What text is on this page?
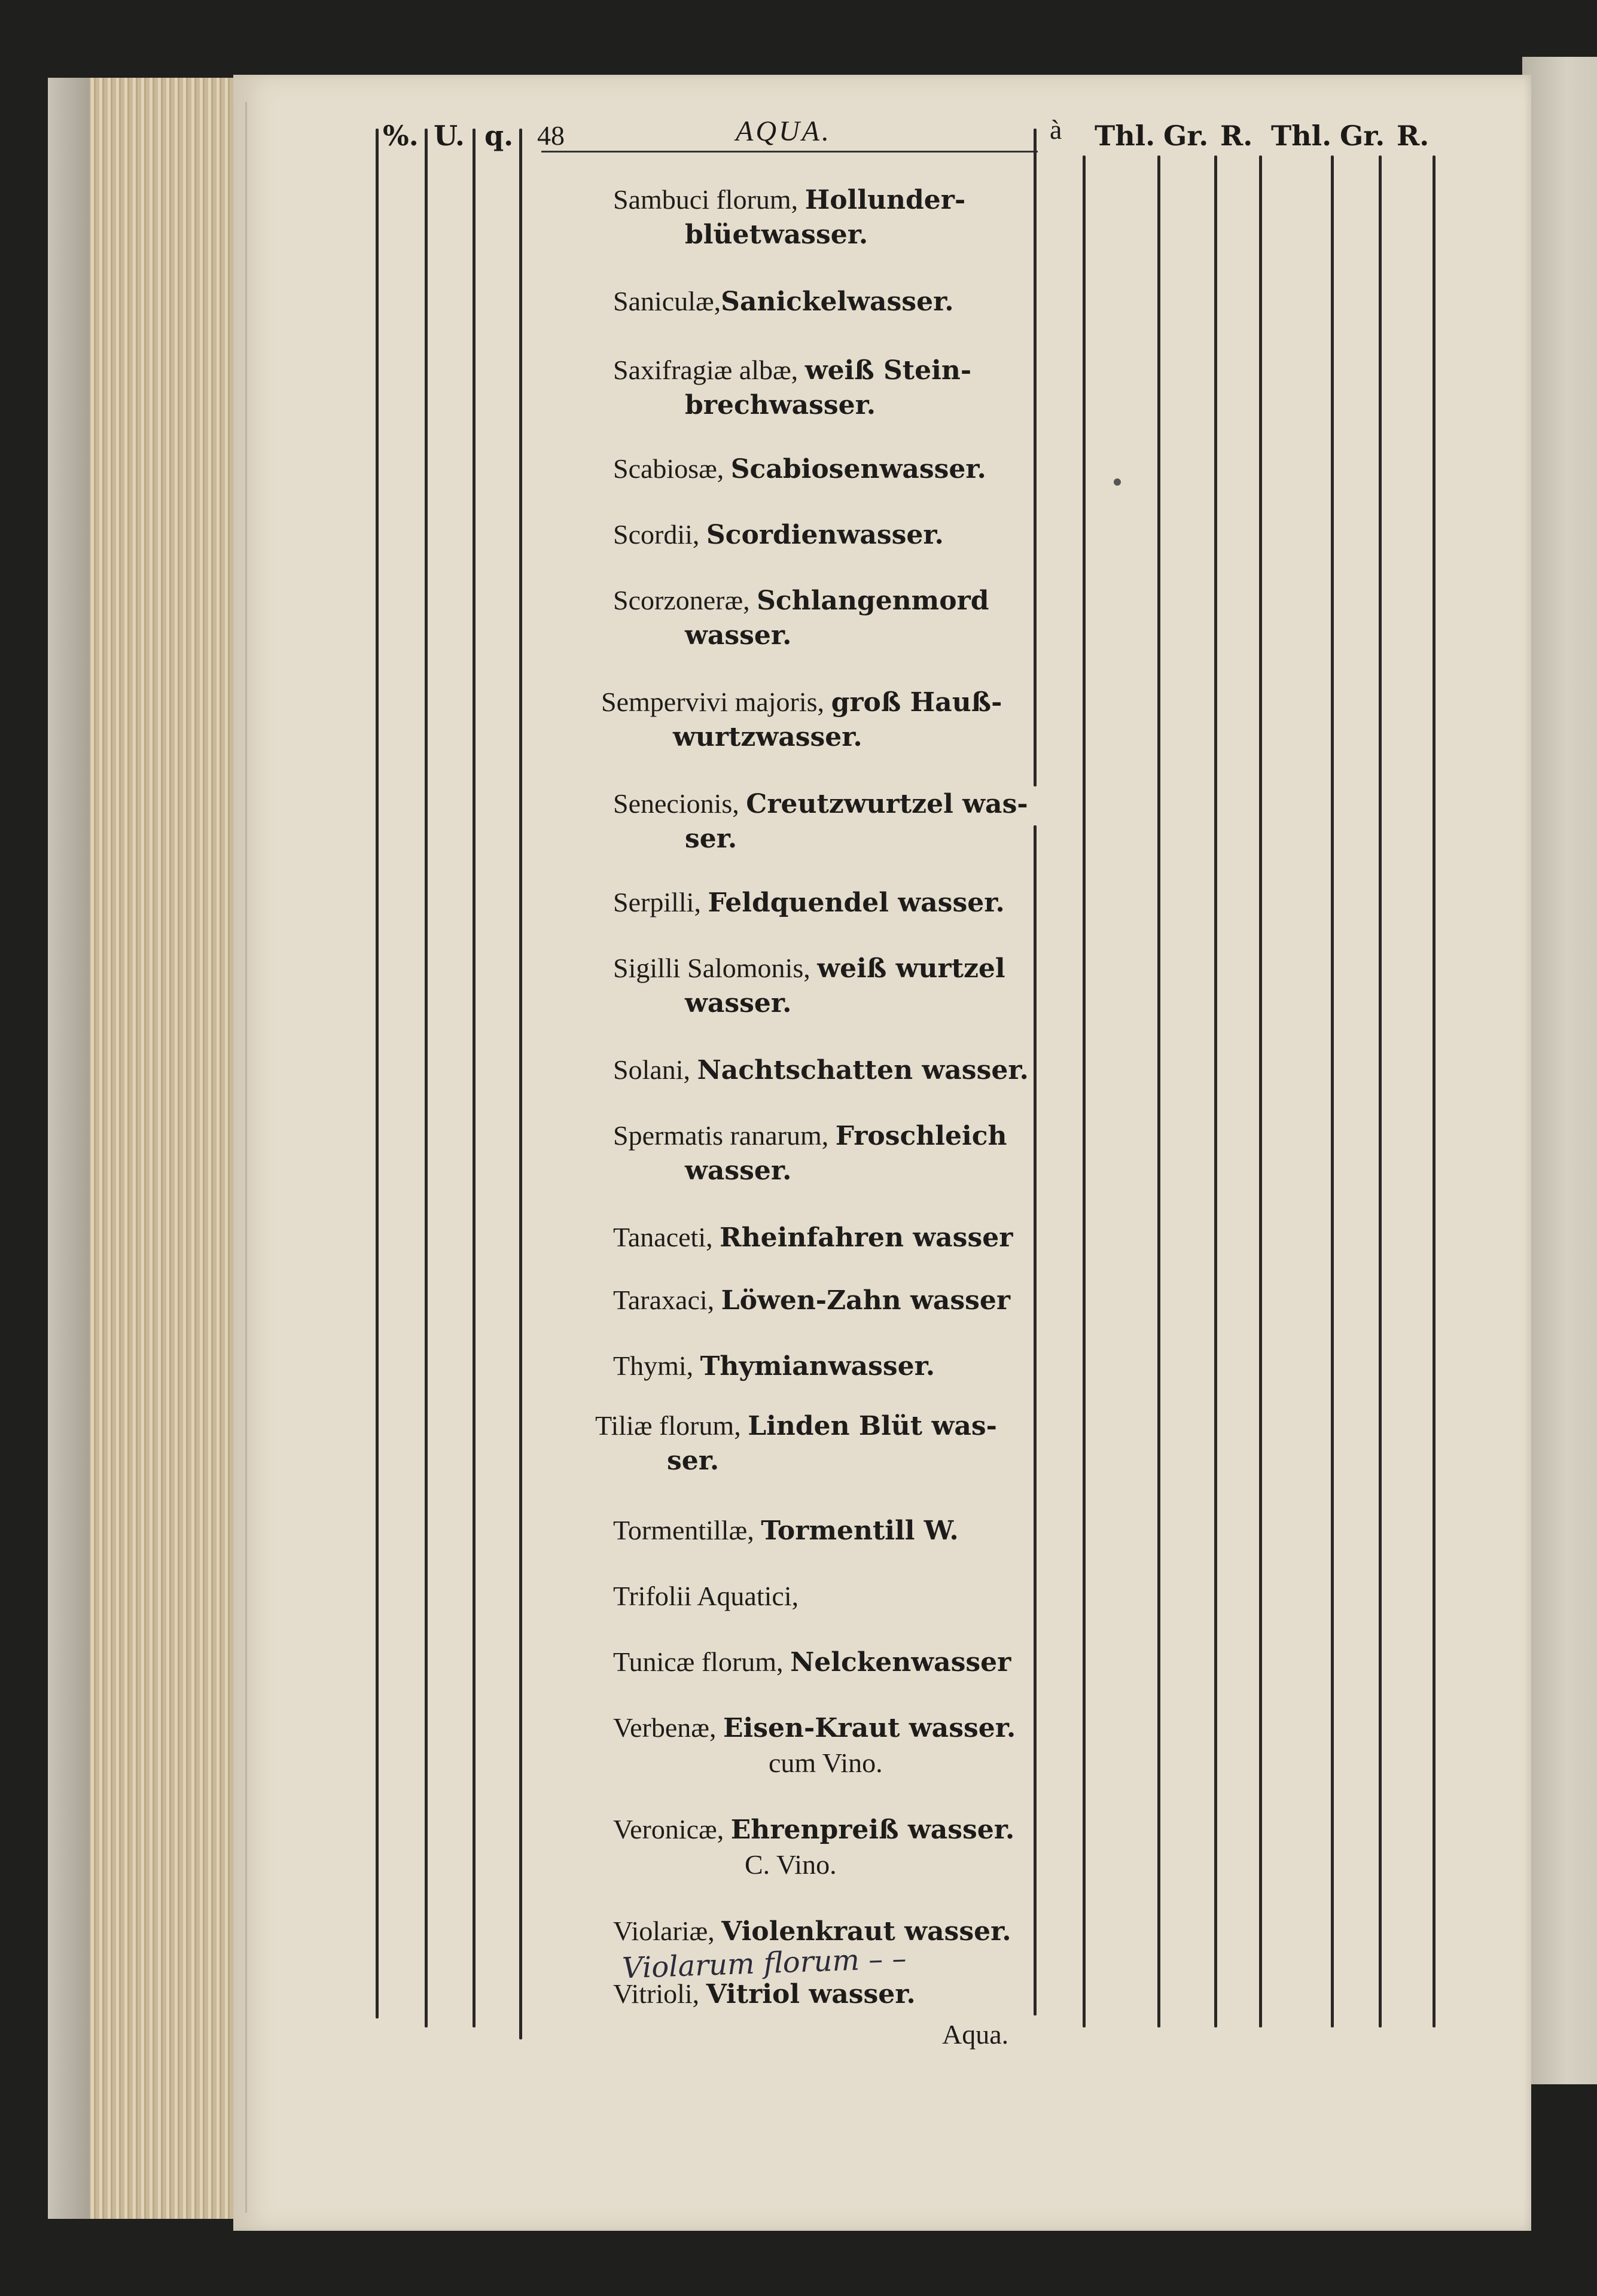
%. U. q. 48	AQUA.	à Thl. Gr. R. Thl. Gr. R.
Sambuci florum, Hollunder-
blüetwasser.
Saniculæ,Sanickelwasser.
Saxifragiæ albæ, weiß Stein-
brechwasser.
Scabiosæ, Scabiosenwasser.
Scordii, Scordienwasser.
Scorzoneræ, Schlangenmord
wasser.
Sempervivi majoris, groß Hauß-
wurtzwasser.
Senecionis, Creutzwurtzel was-
ser.
Serpilli, Feldquendel wasser.
Sigilli Salomonis, weiß wurtzel
wasser.
Solani, Nachtschatten wasser.
Spermatis ranarum, Froschleich
wasser.
Tanaceti, Rheinfahren wasser
Taraxaci, Löwen-Zahn wasser
Thymi, Thymianwasser.
Tiliæ florum, Linden Blüt was-
ser.
Tormentillæ, Tormentill W.
Trifolii Aquatici,
Tunicæ florum, Nelckenwasser
Verbenæ, Eisen-Kraut wasser.
cum Vino.
Veronicæ, Ehrenpreiß wasser.
C. Vino.
Violariæ, Violenkraut wasser.
Vitrioli, Vitriol wasser.
Violarum florum – –
Aqua.
